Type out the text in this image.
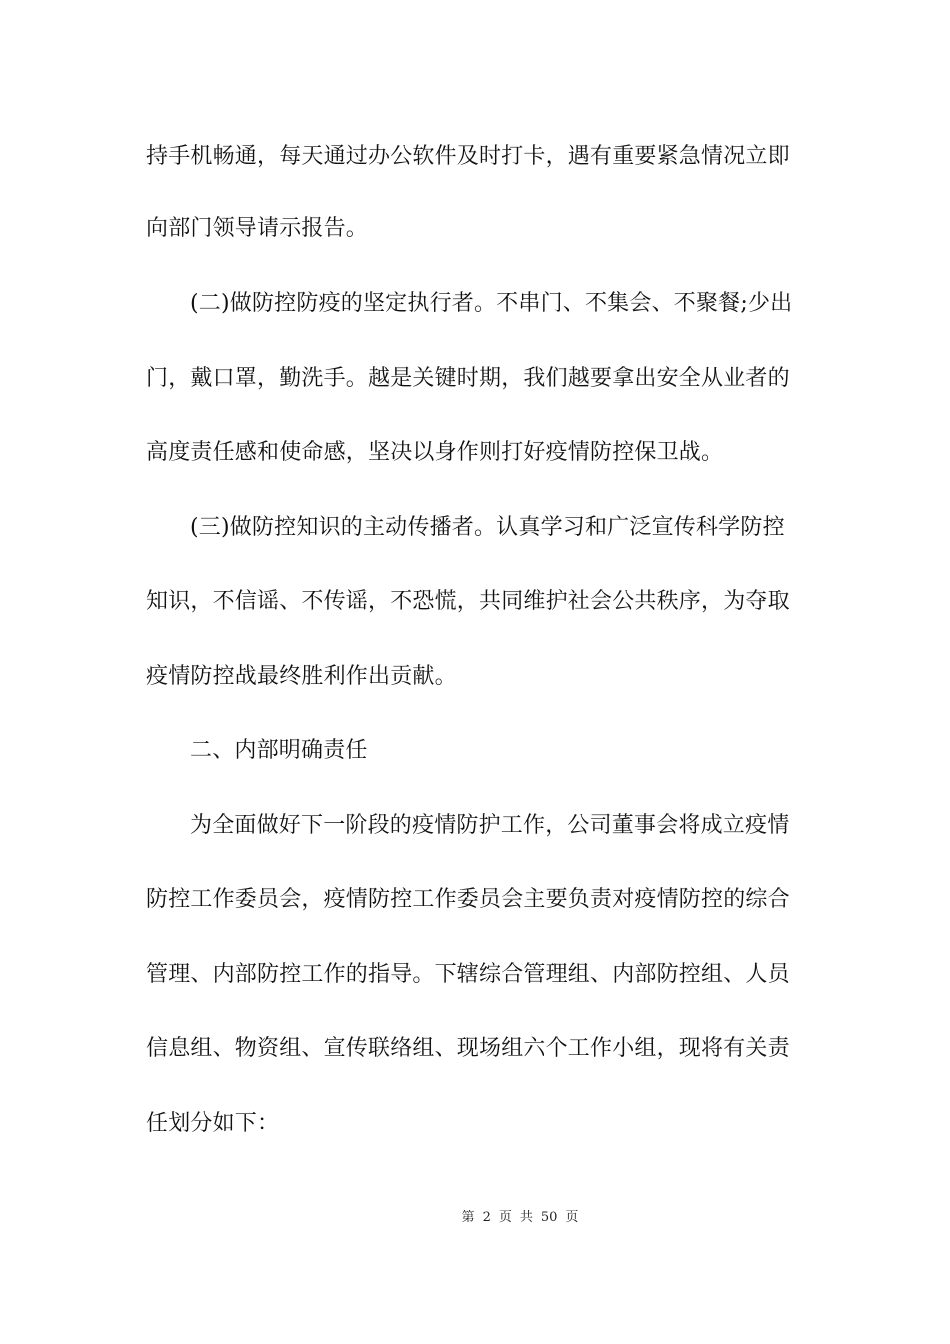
持手机畅通，每天通过办公软件及时打卡，遇有重要紧急情况立即
向部门领导请示报告。
(二)做防控防疫的坚定执行者。不串门、不集会、不聚餐;少出
门，戴口罩，勤洗手。越是关键时期，我们越要拿出安全从业者的
高度责任感和使命感，坚决以身作则打好疫情防控保卫战。
(三)做防控知识的主动传播者。认真学习和广泛宣传科学防控
知识，不信谣、不传谣，不恐慌，共同维护社会公共秩序，为夺取
疫情防控战最终胜利作出贡献。
二、内部明确责任
为全面做好下一阶段的疫情防护工作，公司董事会将成立疫情
防控工作委员会，疫情防控工作委员会主要负责对疫情防控的综合
管理、内部防控工作的指导。下辖综合管理组、内部防控组、人员
信息组、物资组、宣传联络组、现场组六个工作小组，现将有关责
任划分如下：
第 2 页 共 50 页
